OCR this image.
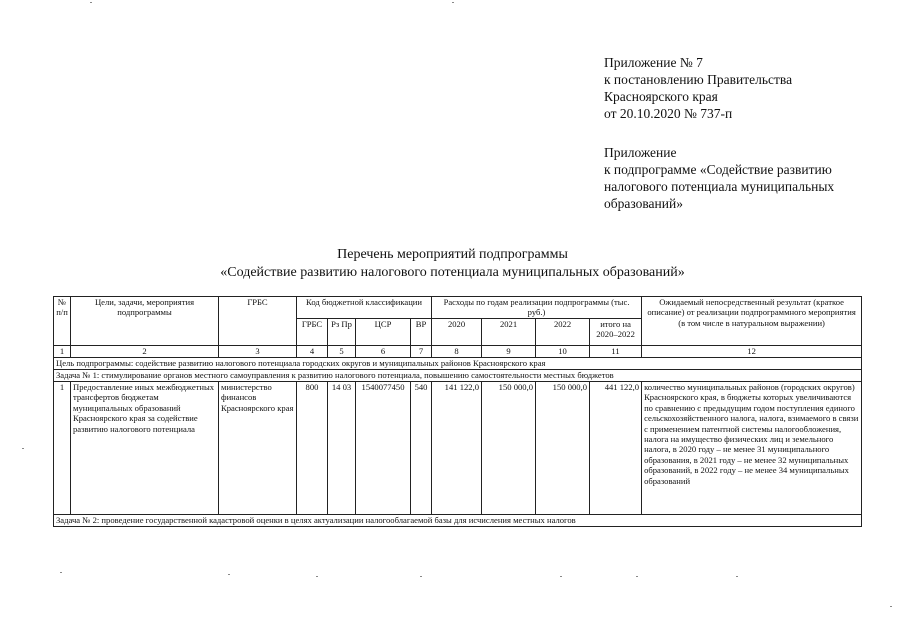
Приложение № 7
к постановлению Правительства
Красноярского края
от 20.10.2020 № 737-п
Приложение
к подпрограмме «Содействие развитию
налогового потенциала муниципальных
образований»
Перечень мероприятий подпрограммы
«Содействие развитию налогового потенциала муниципальных образований»
№ п/п	Цели, задачи, мероприятия подпрограммы	ГРБС	Код бюджетной классификации				Расходы по годам реализации подпрограммы (тыс. руб.)				Ожидаемый непосредственный результат (краткое описание) от реализации подпрограммного мероприятия (в том числе в натуральном выражении)
			ГРБС	Рз Пр	ЦСР	ВР	2020	2021	2022	итого на 2020–2022	
1	2	3	4	5	6	7	8	9	10	11	12
Цель подпрограммы: содействие развитию налогового потенциала городских округов и муниципальных районов Красноярского края											
Задача № 1: стимулирование органов местного самоуправления к развитию налогового потенциала, повышению самостоятельности местных бюджетов											
1	Предоставление иных межбюджетных трансфертов бюджетам муниципальных образований Красноярского края за содействие развитию налогового потенциала	министерство финансов Красноярского края	800	14 03	1540077450	540	141 122,0	150 000,0	150 000,0	441 122,0	количество муниципальных районов (городских округов) Красноярского края, в бюджеты которых увеличиваются по сравнению с предыдущим годом поступления единого сельскохозяйственного налога, налога, взимаемого в связи с применением патентной системы налогообложения, налога на имущество физических лиц и земельного налога, в 2020 году – не менее 31 муниципального образования, в 2021 году – не менее 32 муниципальных образований, в 2022 году – не менее 34 муниципальных образований
Задача № 2: проведение государственной кадастровой оценки в целях актуализации налогооблагаемой базы для исчисления местных налогов											
